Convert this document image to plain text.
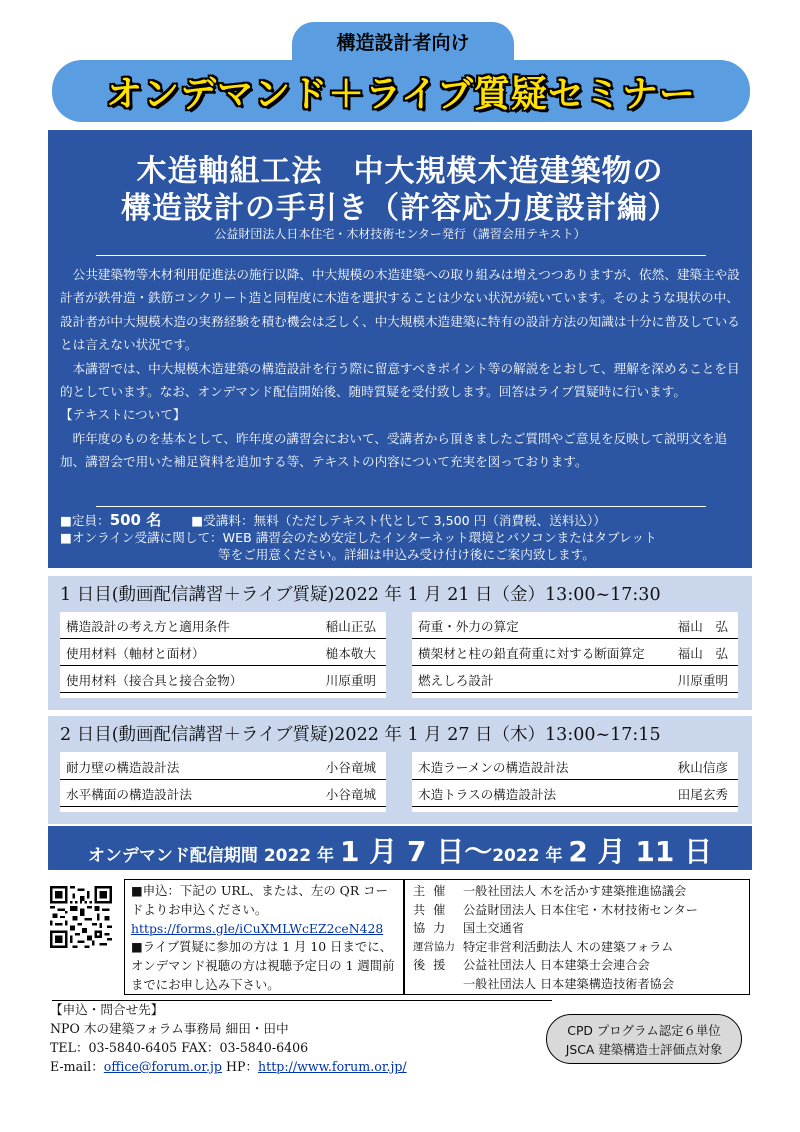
構造設計者向け
オンデマンド＋ライブ質疑セミナー
木造軸組工法　中大規模木造建築物の
構造設計の手引き（許容応力度設計編）
公益財団法人日本住宅・木材技術センター発行（講習会用テキスト）

　公共建築物等木材利用促進法の施行以降、中大規模の木造建築への取り組みは増えつつありますが、依然、建築主や設計者が鉄骨造・鉄筋コンクリート造と同程度に木造を選択することは少ない状況が続いています。そのような現状の中、設計者が中大規模木造の実務経験を積む機会は乏しく、中大規模木造建築に特有の設計方法の知識は十分に普及しているとは言えない状況です。

　本講習では、中大規模木造建築の構造設計を行う際に留意すべきポイント等の解説をとおして、理解を深めることを目的としています。なお、オンデマンド配信開始後、随時質疑を受付致します。回答はライブ質疑時に行います。

【テキストについて】

　昨年度のものを基本として、昨年度の講習会において、受講者から頂きましたご質問やご意見を反映して説明文を追加、講習会で用いた補足資料を追加する等、テキストの内容について充実を図っております。

■定員：500 名 ■受講料：無料（ただしテキスト代として 3,500 円（消費税、送料込））
■オンライン受講に関して：WEB 講習会のため安定したインターネット環境とパソコンまたはタブレット
等をご用意ください。詳細は申込み受け付け後にご案内致します。
1 日目(動画配信講習＋ライブ質疑)2022 年 1 月 21 日（金）13:00~17:30
構造設計の考え方と適用条件	稲山正弘
使用材料（軸材と面材）	槌本敬大
使用材料（接合具と接合金物）	川原重明
荷重・外力の算定	福山　弘
横架材と柱の鉛直荷重に対する断面算定	福山　弘
燃えしろ設計	川原重明
2 日目(動画配信講習＋ライブ質疑)2022 年 1 月 27 日（木）13:00~17:15
耐力壁の構造設計法	小谷竜城
水平構面の構造設計法	小谷竜城
木造ラーメンの構造設計法	秋山信彦
木造トラスの構造設計法	田尾玄秀
オンデマンド配信期間 2022 年 1 月 7 日～2022 年 2 月 11 日
■申込：下記の URL、または、左の QR コードよりお申込ください。
https://forms.gle/iCuXMLWcEZ2ceN428
■ライブ質疑に参加の方は 1 月 10 日までに、オンデマンド視聴の方は視聴予定日の 1 週間前までにお申し込み下さい。
主催 一般社団法人 木を活かす建築推進協議会
共催 公益財団法人 日本住宅・木材技術センター
協力 国土交通省
運営協力 特定非営利活動法人 木の建築フォラム
後援 公益社団法人 日本建築士会連合会
一般社団法人 日本建築構造技術者協会
【申込・問合せ先】
NPO 木の建築フォラム事務局 細田・田中
TEL：03-5840-6405 FAX：03-5840-6406
E-mail：office@forum.or.jp HP：http://www.forum.or.jp/
CPD プログラム認定６単位
JSCA 建築構造士評価点対象
